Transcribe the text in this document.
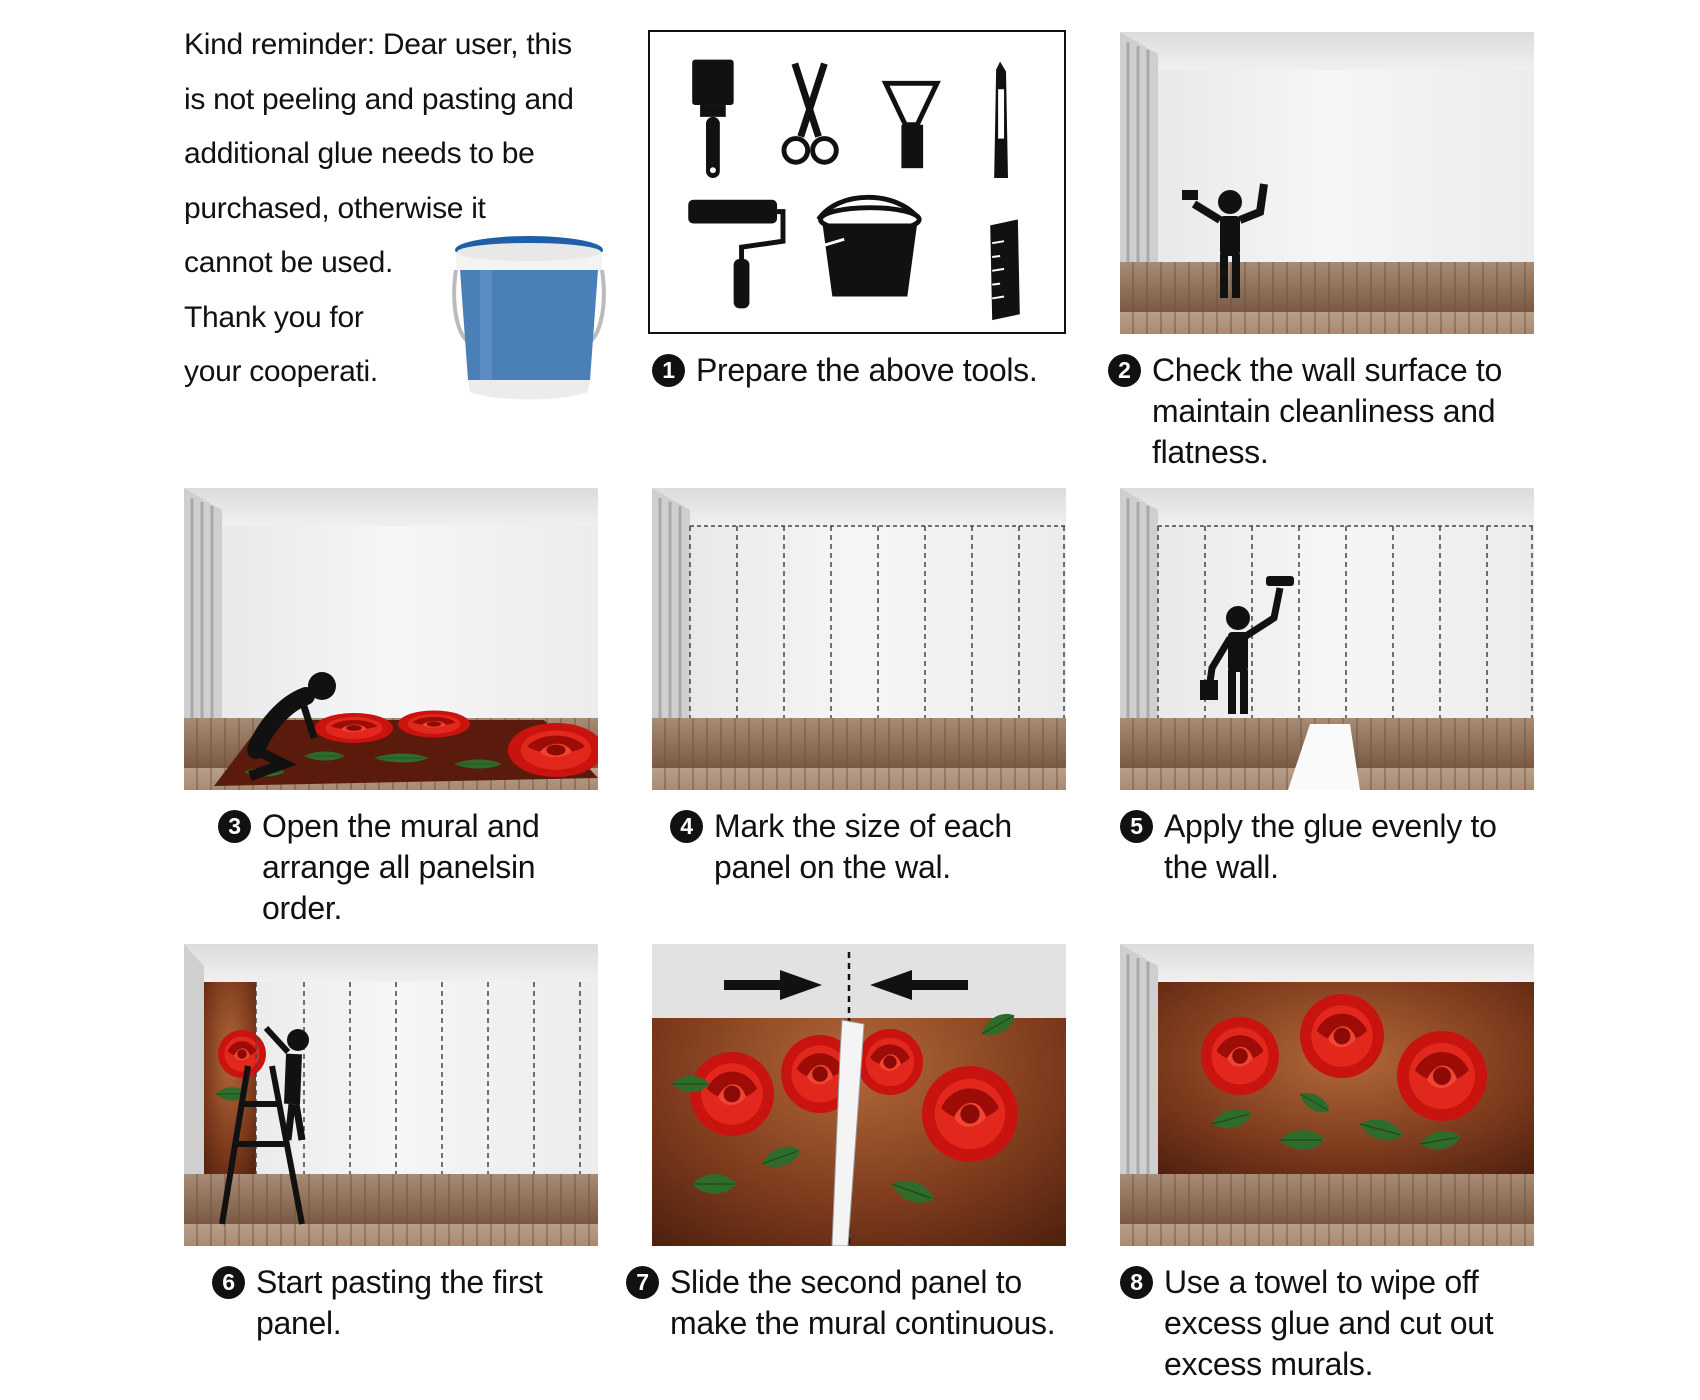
Kind reminder: Dear user, this
is not peeling and pasting and
additional glue needs to be
purchased, otherwise it
cannot be used.
Thank you for
your cooperati.	1 Prepare the above tools.	Check the wall surface to
maintain cleanliness and
flatness.
2
3 Open the mural and
arrange all panelsin
order.
4 Mark the size of each
panel on the wal.
5 Apply the glue evenly to
the wall.
6 Start pasting the first
panel.
7 Slide the second panel to
make the mural continuous.
8 Use a towel to wipe off
excess glue and cut out
excess murals.
